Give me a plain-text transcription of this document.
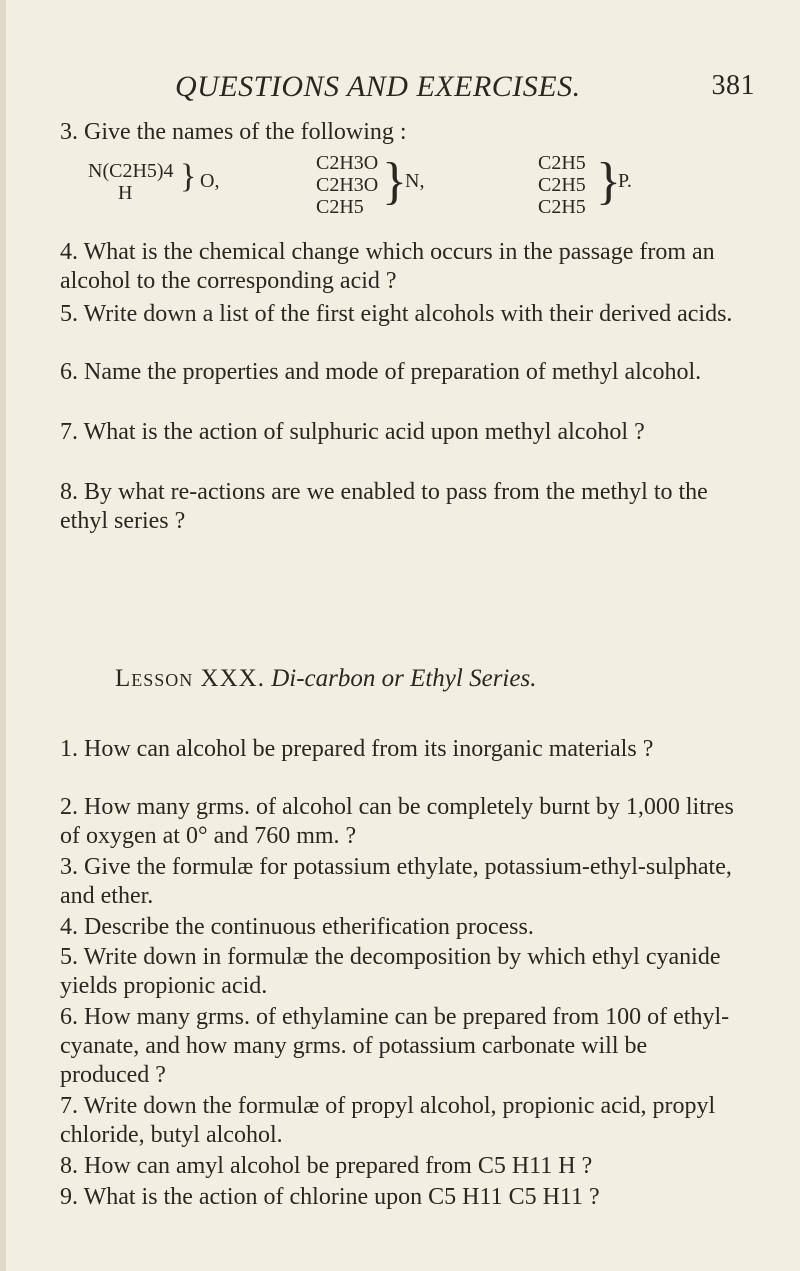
QUESTIONS AND EXERCISES.	381
3. Give the names of the following :
N(C2H5)4
H	} O,
C2H3O
C2H3O
C2H5 }
N,
C2H5
C2H5
C2H5 }
P.
4. What is the chemical change which occurs in the passage from an alcohol to the corresponding acid ?
5. Write down a list of the first eight alcohols with their derived acids.
6. Name the properties and mode of preparation of methyl alcohol.
7. What is the action of sulphuric acid upon methyl alcohol ?
8. By what re-actions are we enabled to pass from the methyl to the ethyl series ?
Lesson XXX. Di-carbon or Ethyl Series.
1. How can alcohol be prepared from its inorganic materials ?
2. How many grms. of alcohol can be completely burnt by 1,000 litres of oxygen at 0° and 760 mm. ?
3. Give the formulæ for potassium ethylate, potassium-ethyl-sulphate, and ether.
4. Describe the continuous etherification process.
5. Write down in formulæ the decomposition by which ethyl cyanide yields propionic acid.
6. How many grms. of ethylamine can be prepared from 100 of ethyl-cyanate, and how many grms. of potassium carbonate will be produced ?
7. Write down the formulæ of propyl alcohol, propionic acid, propyl chloride, butyl alcohol.
8. How can amyl alcohol be prepared from C5 H11 H ?
9. What is the action of chlorine upon C5 H11 C5 H11 ?
